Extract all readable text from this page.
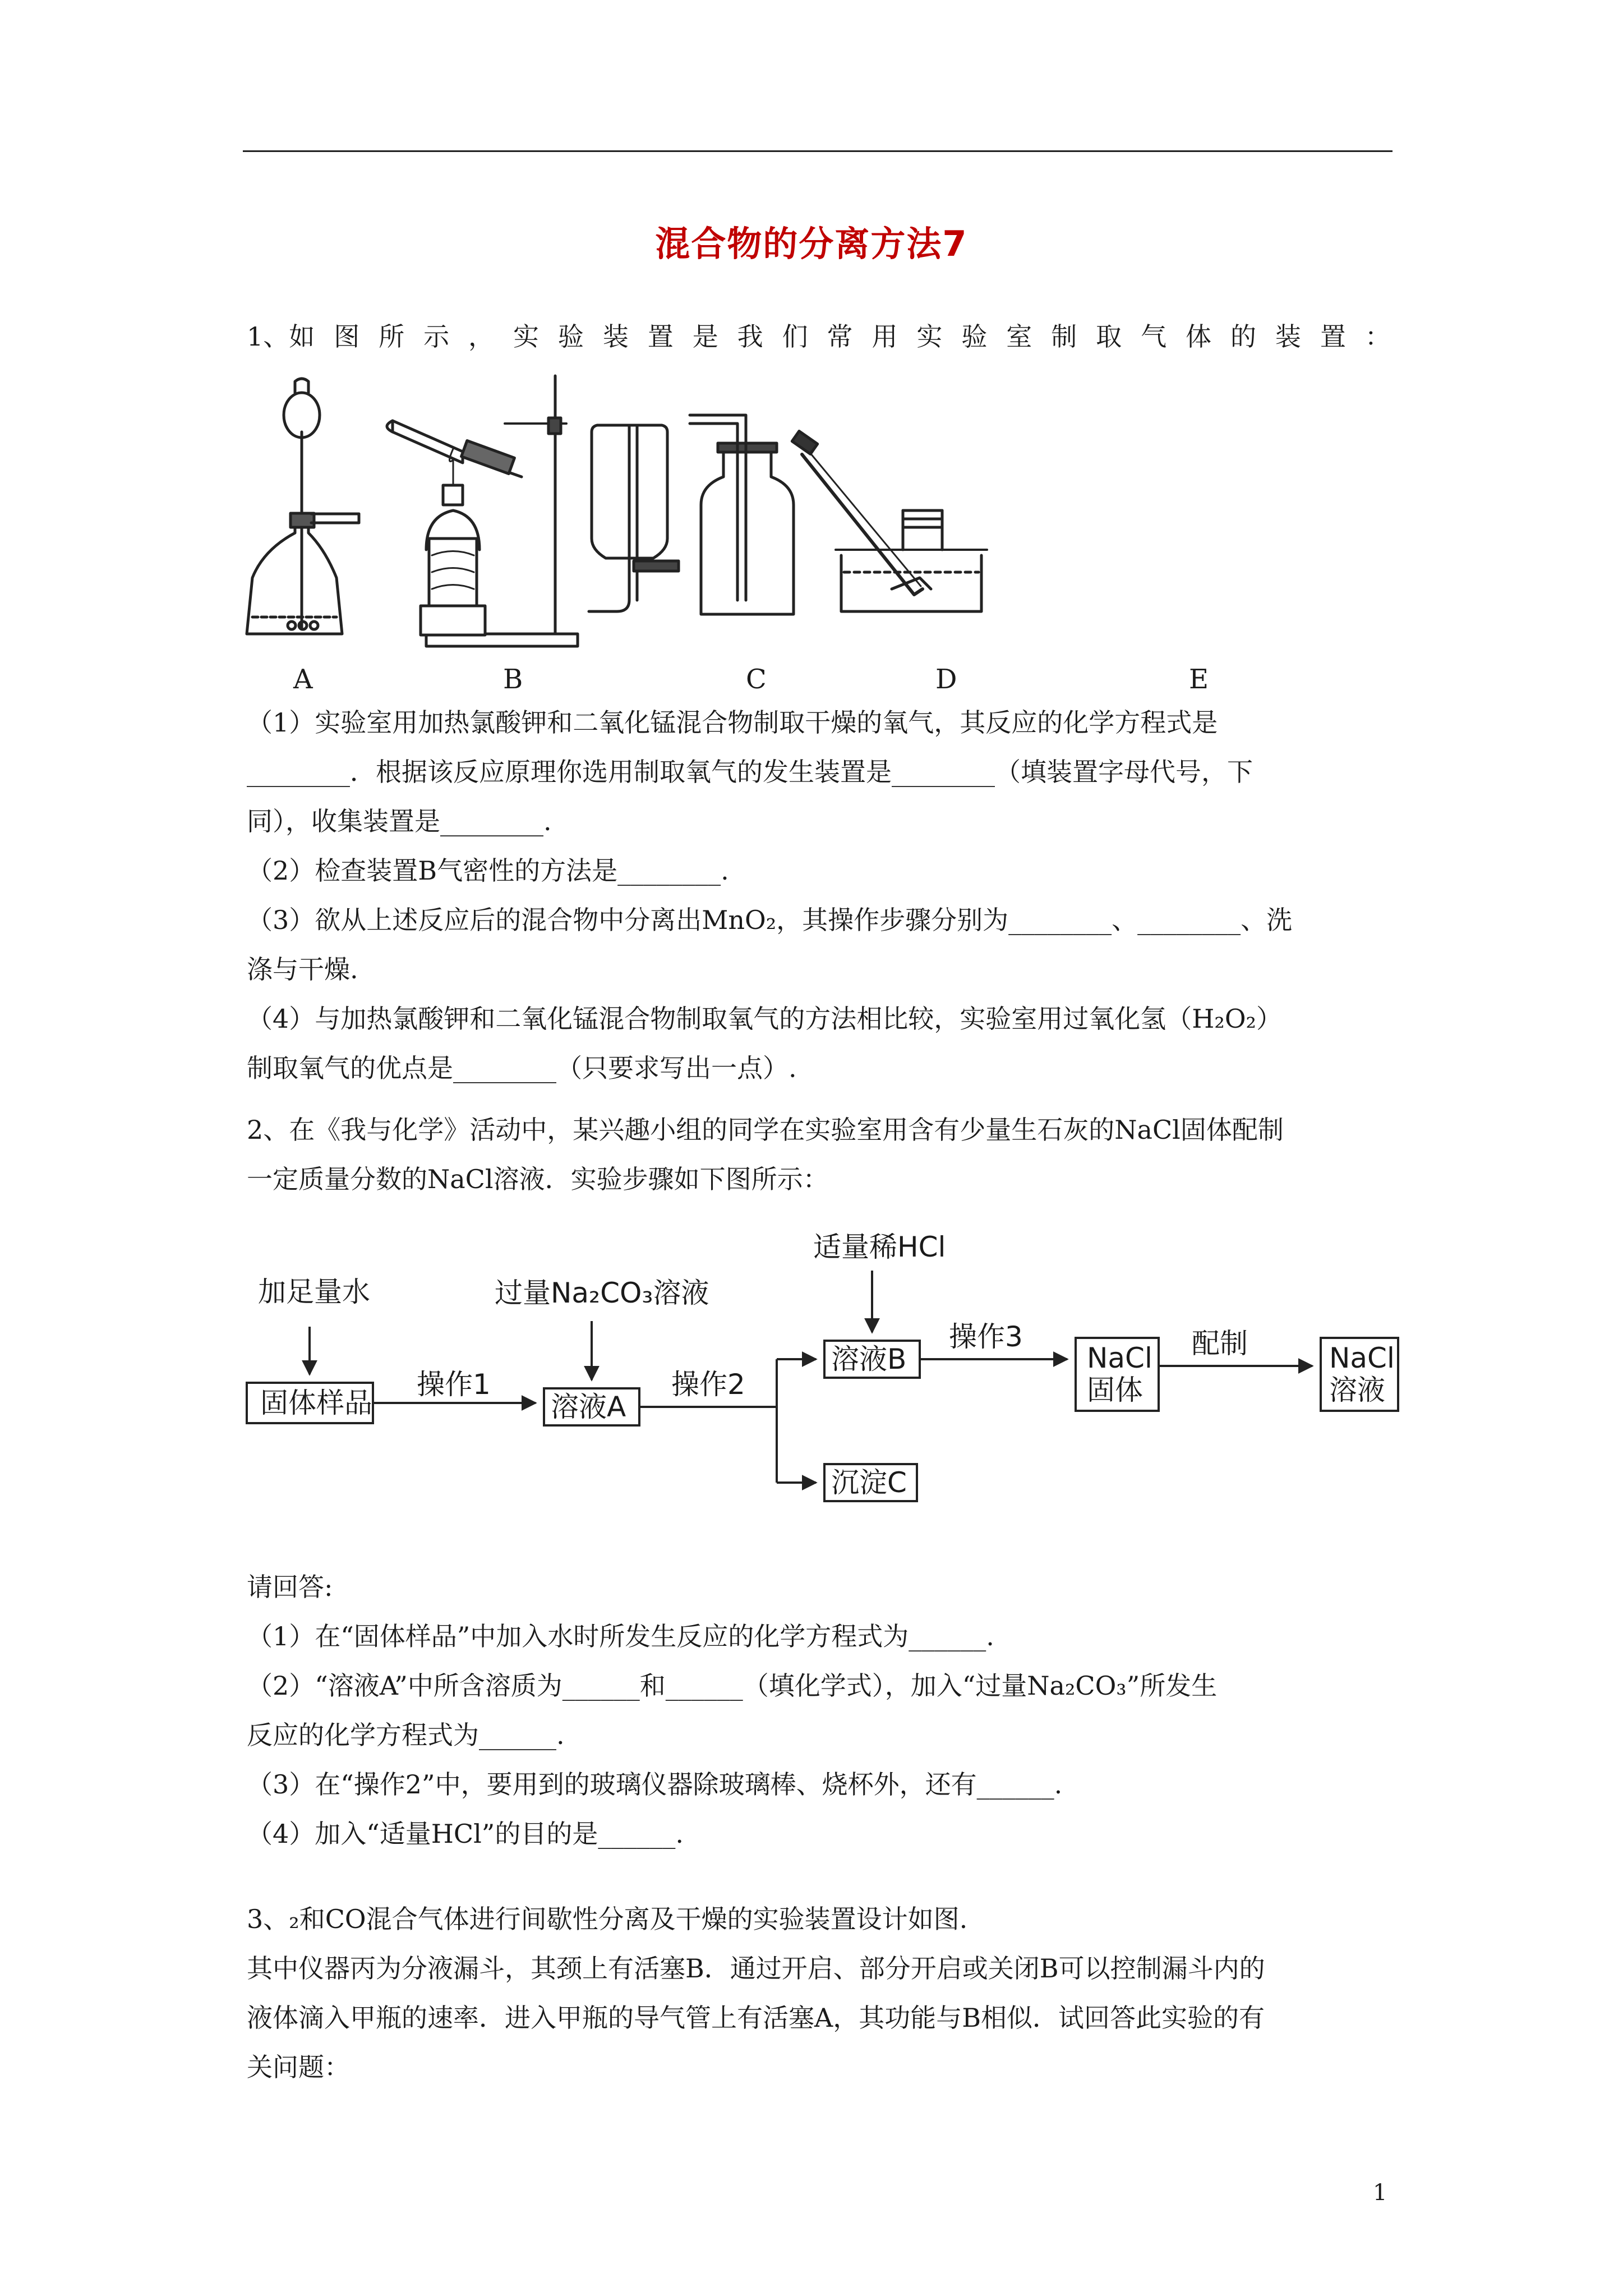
混合物的分离方法7
1、如 图 所 示 ， 实 验 装 置 是 我 们 常 用 实 验 室 制 取 气 体 的 装 置 ：
A	B	C	D	E
（1）实验室用加热氯酸钾和二氧化锰混合物制取干燥的氧气，其反应的化学方程式是
________．根据该反应原理你选用制取氧气的发生装置是________（填装置字母代号，下
同），收集装置是________.
（2）检查装置B气密性的方法是________.
（3）欲从上述反应后的混合物中分离出MnO₂，其操作步骤分别为________、________、洗
涤与干燥.
（4）与加热氯酸钾和二氧化锰混合物制取氧气的方法相比较，实验室用过氧化氢（H₂O₂）
制取氧气的优点是________（只要求写出一点）.
2、在《我与化学》活动中，某兴趣小组的同学在实验室用含有少量生石灰的NaCl固体配制
一定质量分数的NaCl溶液．实验步骤如下图所示：
加足量水	过量Na₂CO₃溶液
适量稀HCl
固体样品
操作1
溶液A
操作2
溶液B
沉淀C
操作3
NaCl
固体
配制	NaCl
溶液
请回答:
（1）在“固体样品”中加入水时所发生反应的化学方程式为______.
（2）“溶液A”中所含溶质为______和______（填化学式），加入“过量Na₂CO₃”所发生
反应的化学方程式为______.
（3）在“操作2”中，要用到的玻璃仪器除玻璃棒、烧杯外，还有______.
（4）加入“适量HCl”的目的是______.
3、₂和CO混合气体进行间歇性分离及干燥的实验装置设计如图.
其中仪器丙为分液漏斗，其颈上有活塞B．通过开启、部分开启或关闭B可以控制漏斗内的
液体滴入甲瓶的速率．进入甲瓶的导气管上有活塞A，其功能与B相似．试回答此实验的有
关问题：
1
